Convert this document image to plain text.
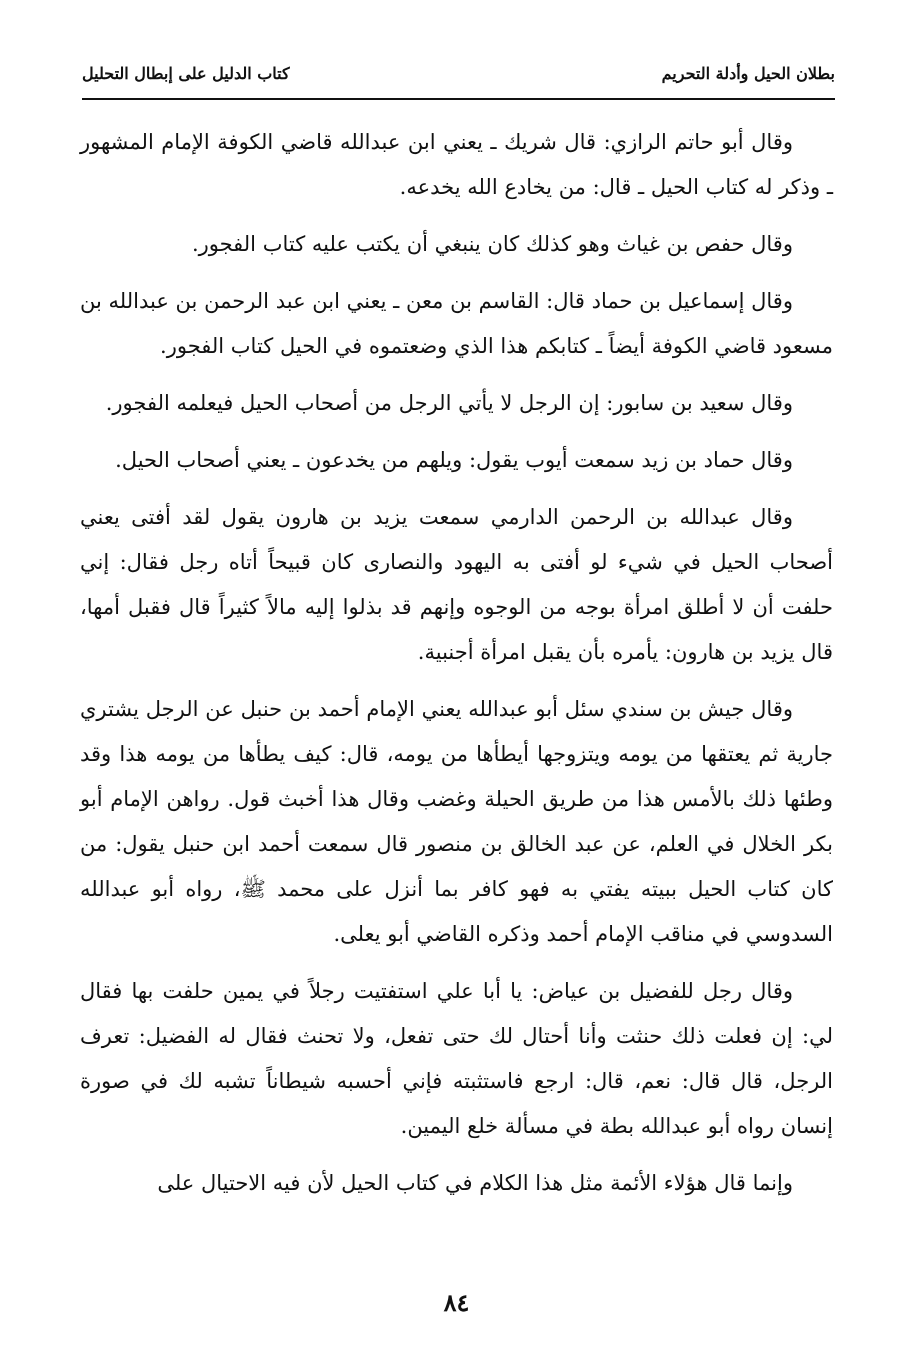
بطلان الحيل وأدلة التحريم
كتاب الدليل على إبطال التحليل

وقال أبو حاتم الرازي: قال شريك ـ يعني ابن عبدالله قاضي الكوفة الإمام المشهور ـ وذكر له كتاب الحيل ـ قال: من يخادع الله يخدعه.

وقال حفص بن غياث وهو كذلك كان ينبغي أن يكتب عليه كتاب الفجور.

وقال إسماعيل بن حماد قال: القاسم بن معن ـ يعني ابن عبد الرحمن بن عبدالله بن مسعود قاضي الكوفة أيضاً ـ كتابكم هذا الذي وضعتموه في الحيل كتاب الفجور.

وقال سعيد بن سابور: إن الرجل لا يأتي الرجل من أصحاب الحيل فيعلمه الفجور.

وقال حماد بن زيد سمعت أيوب يقول: ويلهم من يخدعون ـ يعني أصحاب الحيل.

وقال عبدالله بن الرحمن الدارمي سمعت يزيد بن هارون يقول لقد أفتى يعني أصحاب الحيل في شيء لو أفتى به اليهود والنصارى كان قبيحاً أتاه رجل فقال: إني حلفت أن لا أطلق امرأة بوجه من الوجوه وإنهم قد بذلوا إليه مالاً كثيراً قال فقبل أمها، قال يزيد بن هارون: يأمره بأن يقبل امرأة أجنبية.

وقال جيش بن سندي سئل أبو عبدالله يعني الإمام أحمد بن حنبل عن الرجل يشتري جارية ثم يعتقها من يومه ويتزوجها أيطأها من يومه، قال: كيف يطأها من يومه هذا وقد وطئها ذلك بالأمس هذا من طريق الحيلة وغضب وقال هذا أخبث قول. رواهن الإمام أبو بكر الخلال في العلم، عن عبد الخالق بن منصور قال سمعت أحمد ابن حنبل يقول: من كان كتاب الحيل ببيته يفتي به فهو كافر بما أنزل على محمد ﷺ، رواه أبو عبدالله السدوسي في مناقب الإمام أحمد وذكره القاضي أبو يعلى.

وقال رجل للفضيل بن عياض: يا أبا علي استفتيت رجلاً في يمين حلفت بها فقال لي: إن فعلت ذلك حنثت وأنا أحتال لك حتى تفعل، ولا تحنث فقال له الفضيل: تعرف الرجل، قال قال: نعم، قال: ارجع فاستثبته فإني أحسبه شيطاناً تشبه لك في صورة إنسان رواه أبو عبدالله بطة في مسألة خلع اليمين.

وإنما قال هؤلاء الأئمة مثل هذا الكلام في كتاب الحيل لأن فيه الاحتيال على

٨٤
